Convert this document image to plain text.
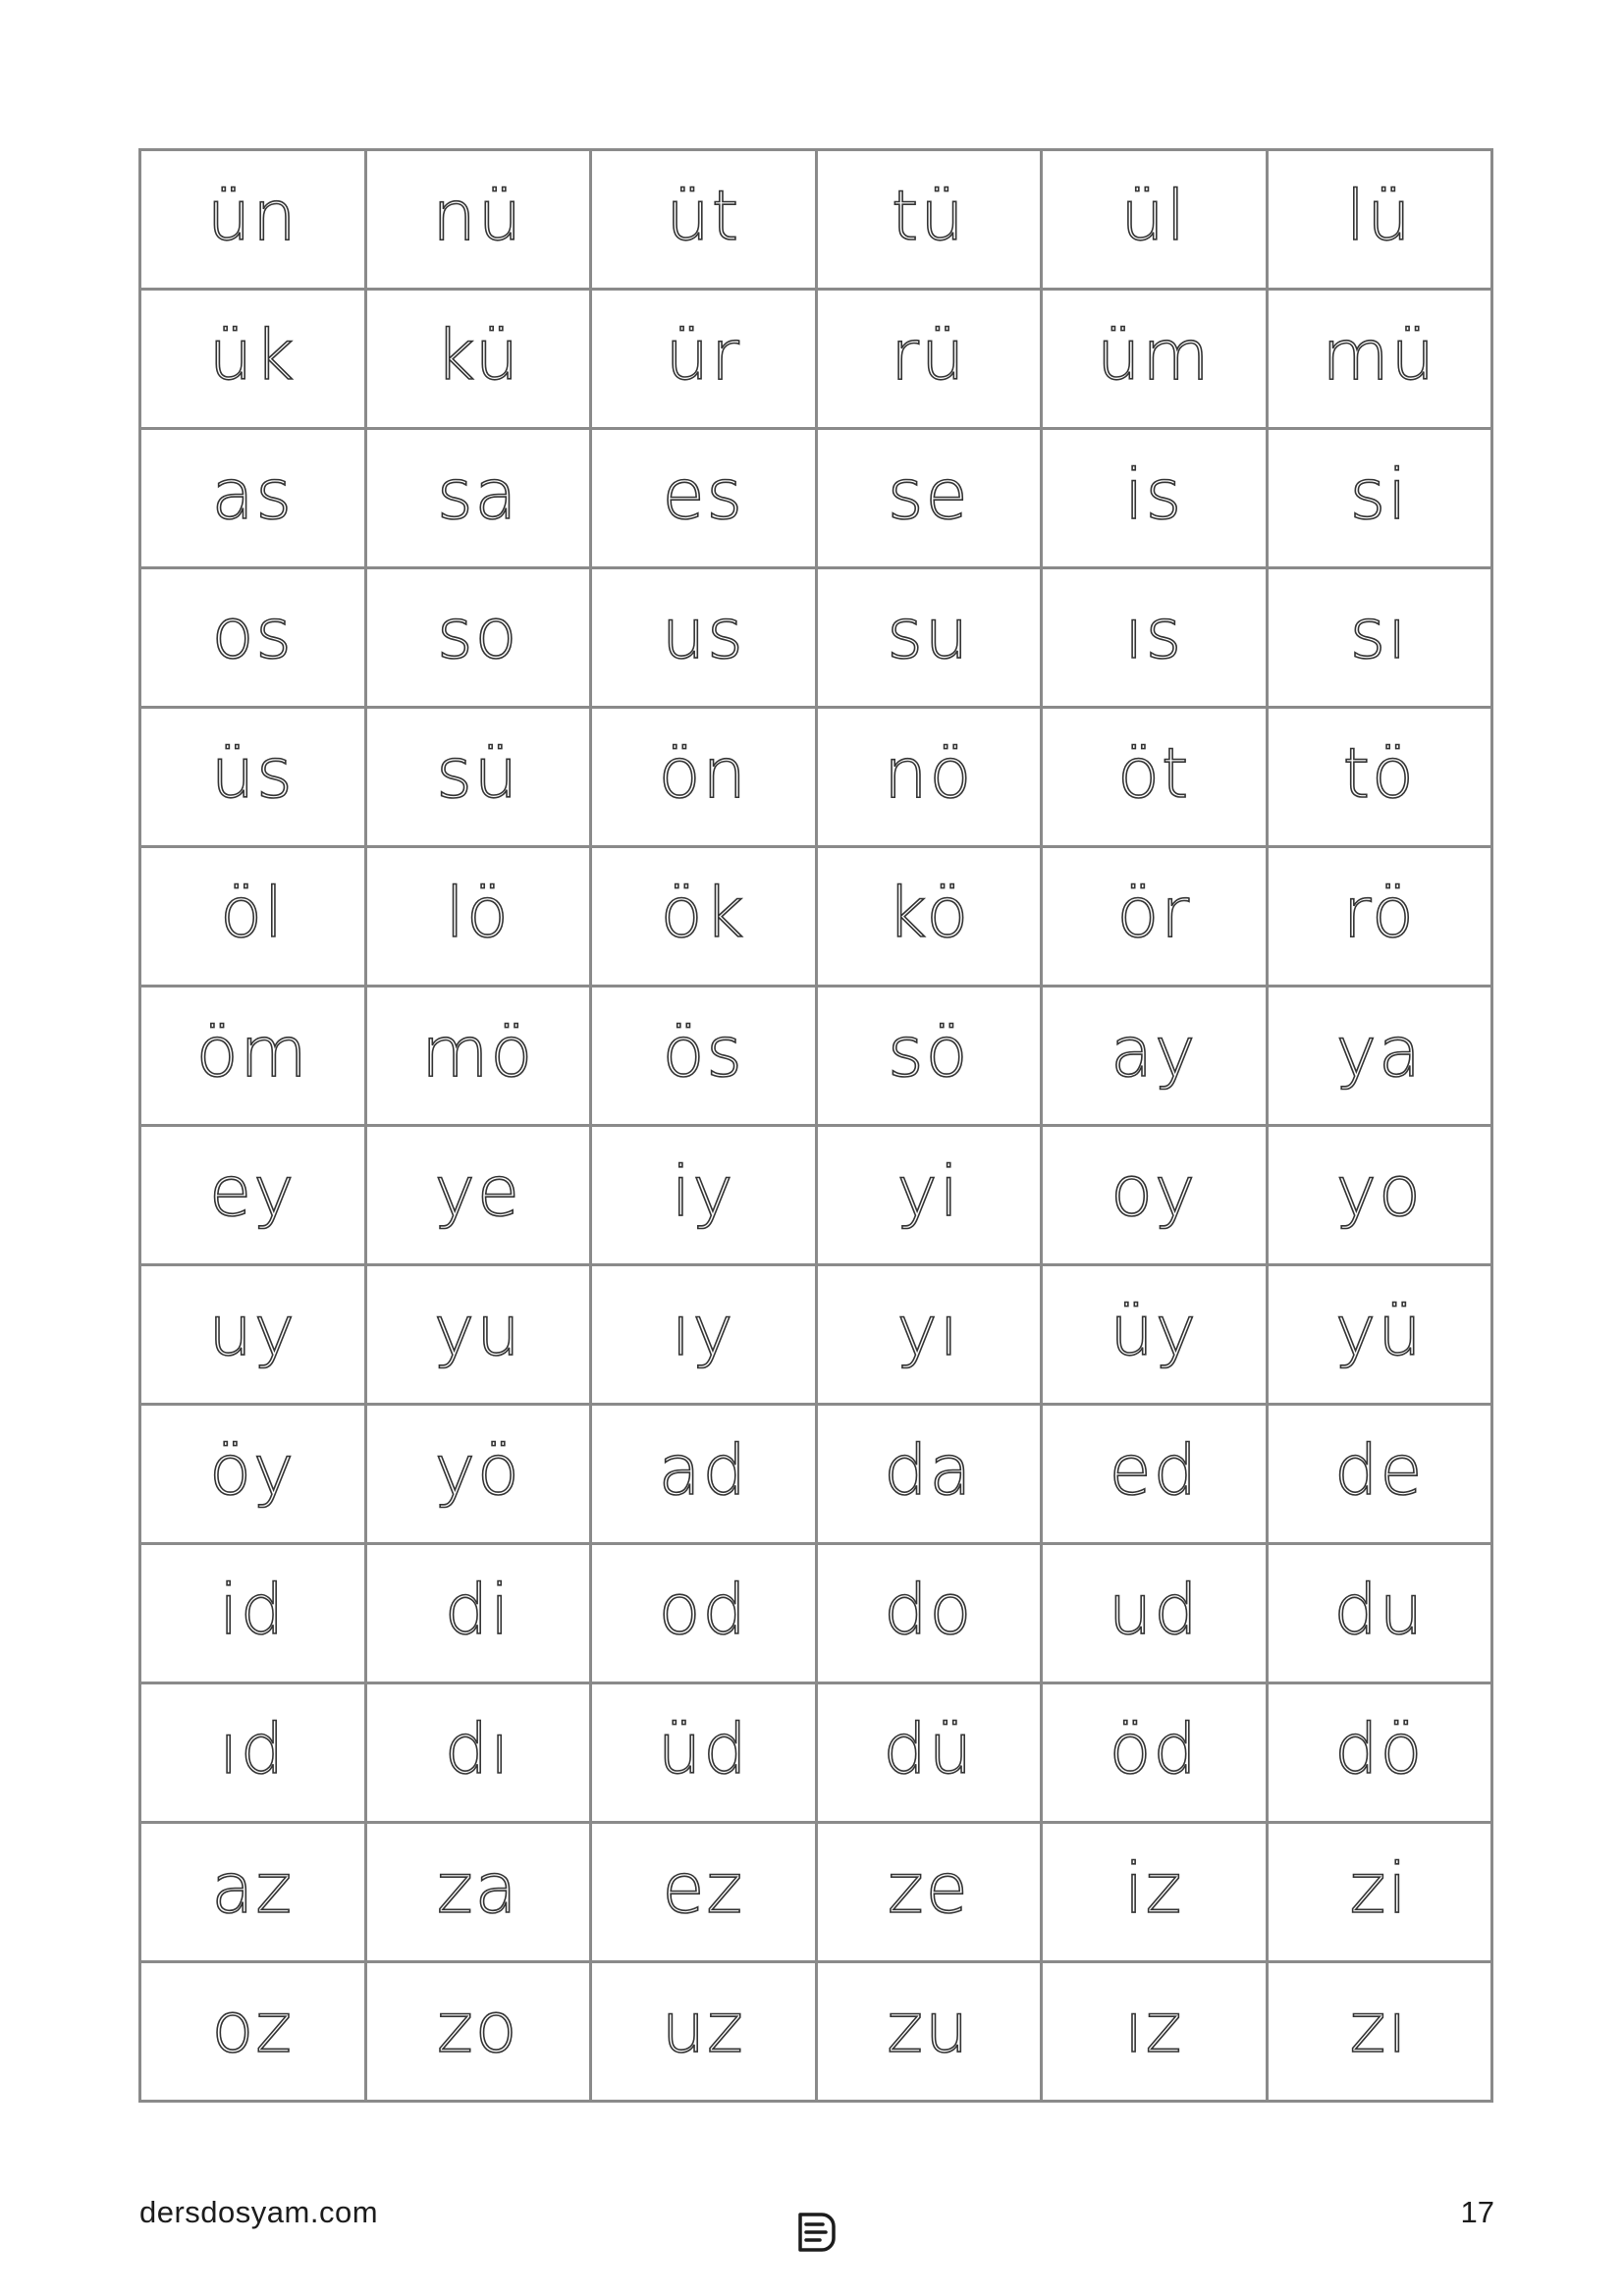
ün	nü	üt	tü	ül	lü
ük	kü	ür	rü	üm	mü
as	sa	es	se	is	si
os	so	us	su	ıs	sı
üs	sü	ön	nö	öt	tö
öl	lö	ök	kö	ör	rö
öm	mö	ös	sö	ay	ya
ey	ye	iy	yi	oy	yo
uy	yu	ıy	yı	üy	yü
öy	yö	ad	da	ed	de
id	di	od	do	ud	du
ıd	dı	üd	dü	öd	dö
az	za	ez	ze	iz	zi
oz	zo	uz	zu	ız	zı
dersdosyam.com	17
